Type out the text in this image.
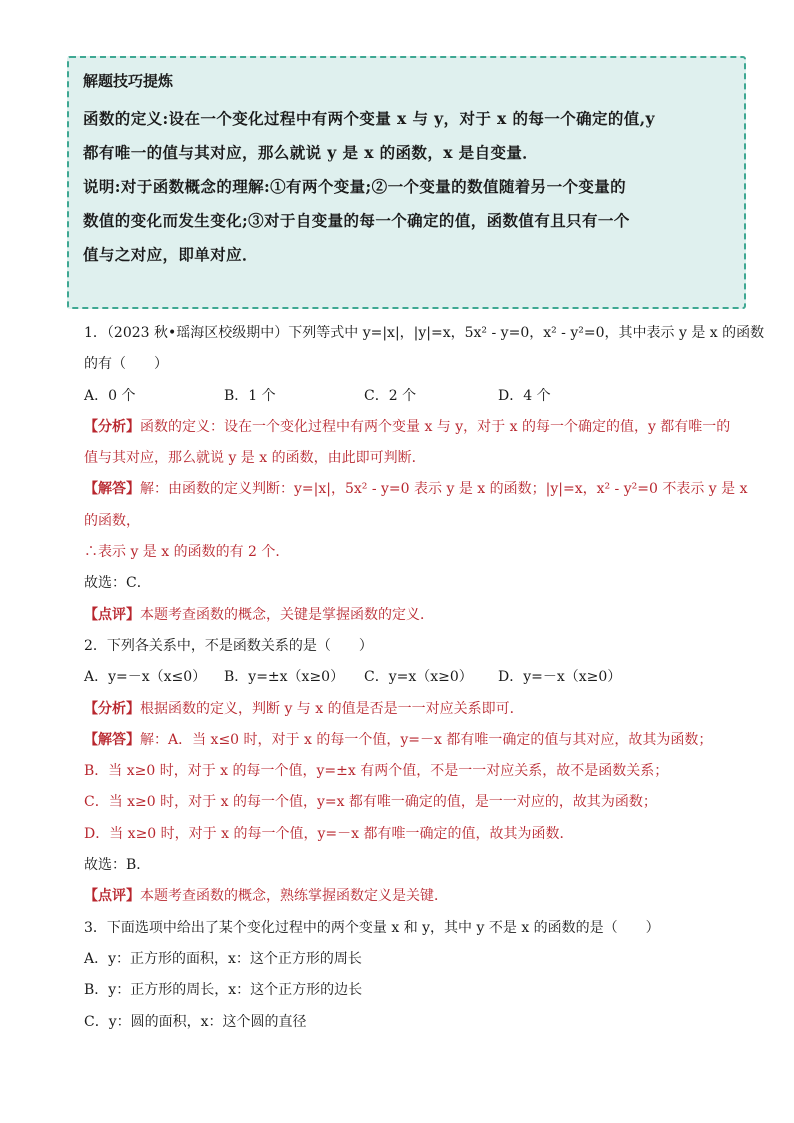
解题技巧提炼
函数的定义:设在一个变化过程中有两个变量 x 与 y，对于 x 的每一个确定的值,y
都有唯一的值与其对应，那么就说 y 是 x 的函数，x 是自变量．
说明:对于函数概念的理解:①有两个变量;②一个变量的数值随着另一个变量的
数值的变化而发生变化;③对于自变量的每一个确定的值，函数值有且只有一个
值与之对应，即单对应．
1．（2023 秋•瑶海区校级期中）下列等式中 y=|x|，|y|=x，5x² - y=0，x² - y²=0，其中表示 y 是 x 的函数
的有（　　）
A．0 个	B．1 个	C．2 个	D．4 个
【分析】函数的定义：设在一个变化过程中有两个变量 x 与 y，对于 x 的每一个确定的值，y 都有唯一的
值与其对应，那么就说 y 是 x 的函数，由此即可判断．
【解答】解：由函数的定义判断：y=|x|，5x² - y=0 表示 y 是 x 的函数；|y|=x，x² - y²=0 不表示 y 是 x
的函数，
∴表示 y 是 x 的函数的有 2 个．
故选：C．
【点评】本题考查函数的概念，关键是掌握函数的定义．
2．下列各关系中，不是函数关系的是（　　）
A．y=－x（x≤0） B．y=±x（x≥0） C．y=x（x≥0） D．y=－x（x≥0）
【分析】根据函数的定义，判断 y 与 x 的值是否是一一对应关系即可．
【解答】解：A．当 x≤0 时，对于 x 的每一个值，y=－x 都有唯一确定的值与其对应，故其为函数；
B．当 x≥0 时，对于 x 的每一个值，y=±x 有两个值，不是一一对应关系，故不是函数关系；
C．当 x≥0 时，对于 x 的每一个值，y=x 都有唯一确定的值，是一一对应的，故其为函数；
D．当 x≥0 时，对于 x 的每一个值，y=－x 都有唯一确定的值，故其为函数．
故选：B．
【点评】本题考查函数的概念，熟练掌握函数定义是关键．
3．下面选项中给出了某个变化过程中的两个变量 x 和 y，其中 y 不是 x 的函数的是（　　）
A．y：正方形的面积，x：这个正方形的周长
B．y：正方形的周长，x：这个正方形的边长
C．y：圆的面积，x：这个圆的直径
